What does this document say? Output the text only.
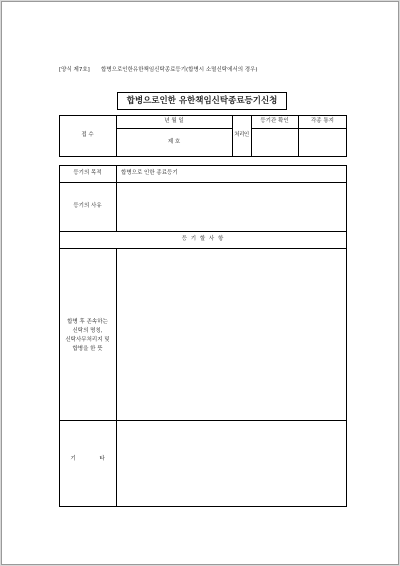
[양식 제7호] 합병으로인한유한책임신탁종료등기(합병시 소멸신탁에서의 경우)
합병으로인한 유한책임신탁종료등기신청
접 수
년 월 일
제 호
처리인
등기관 확인	각종 통지
등기의 목적	합병으로 인한 종료등기
등기의 사유
등 기 할 사 항
합병 후 존속하는 신탁의 명칭, 신탁사무처리지 및 합병을 한 뜻
기 타
